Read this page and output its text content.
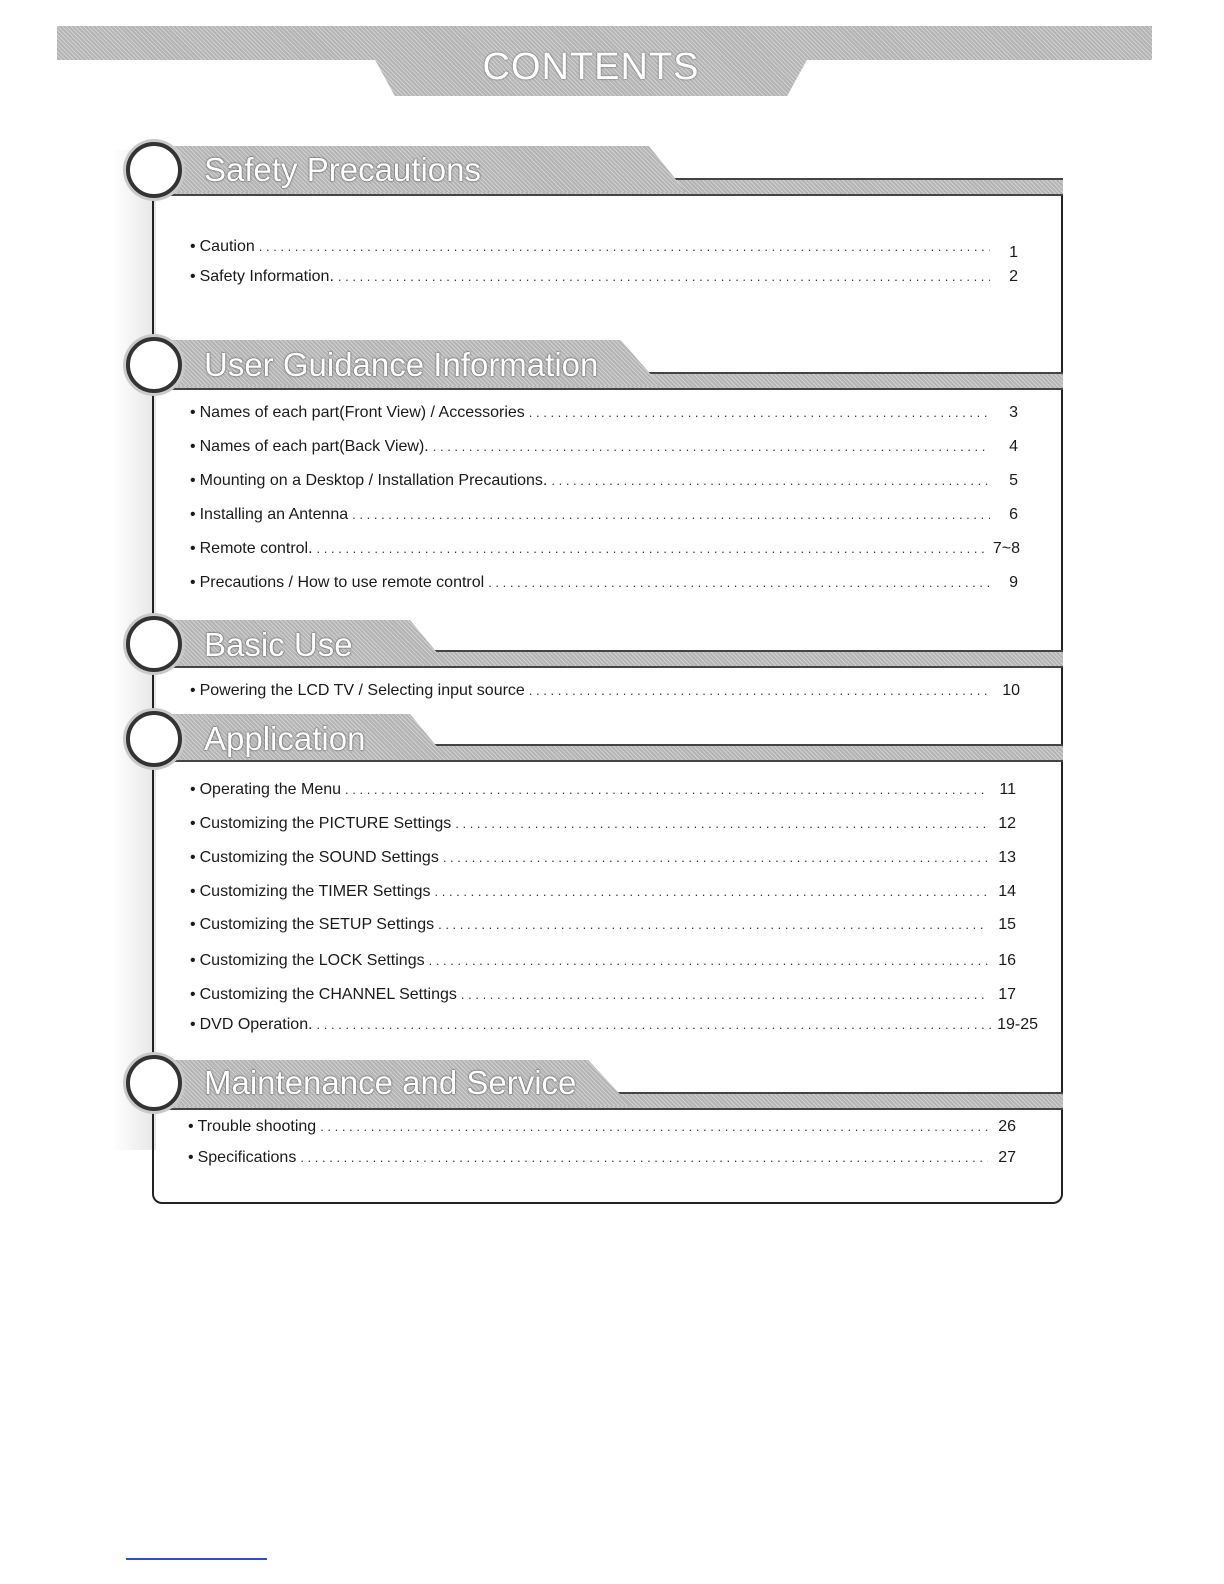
CONTENTS
Safety Precautions
• Caution . . .	1
• Safety Information. . . .	2
User Guidance Information
• Names of each part(Front View) / Accessories . . .	3
• Names of each part(Back View). . . .	4
• Mounting on a Desktop / Installation Precautions. . . .	5
• Installing an Antenna . . .	6
• Remote control. . . .	7~8
• Precautions / How to use remote control . . .	9
Basic Use
• Powering the LCD TV / Selecting input source . . .	10
Application
• Operating the Menu . . .	11
• Customizing the PICTURE Settings . . .	12
• Customizing the SOUND Settings . . .	13
• Customizing the TIMER Settings . . .	14
• Customizing the SETUP Settings . . .	15
• Customizing the LOCK Settings . . .	16
• Customizing the CHANNEL Settings . . .	17
• DVD Operation. . . .	19-25
Maintenance and Service
• Trouble shooting . . .	26
• Specifications . . .	27
